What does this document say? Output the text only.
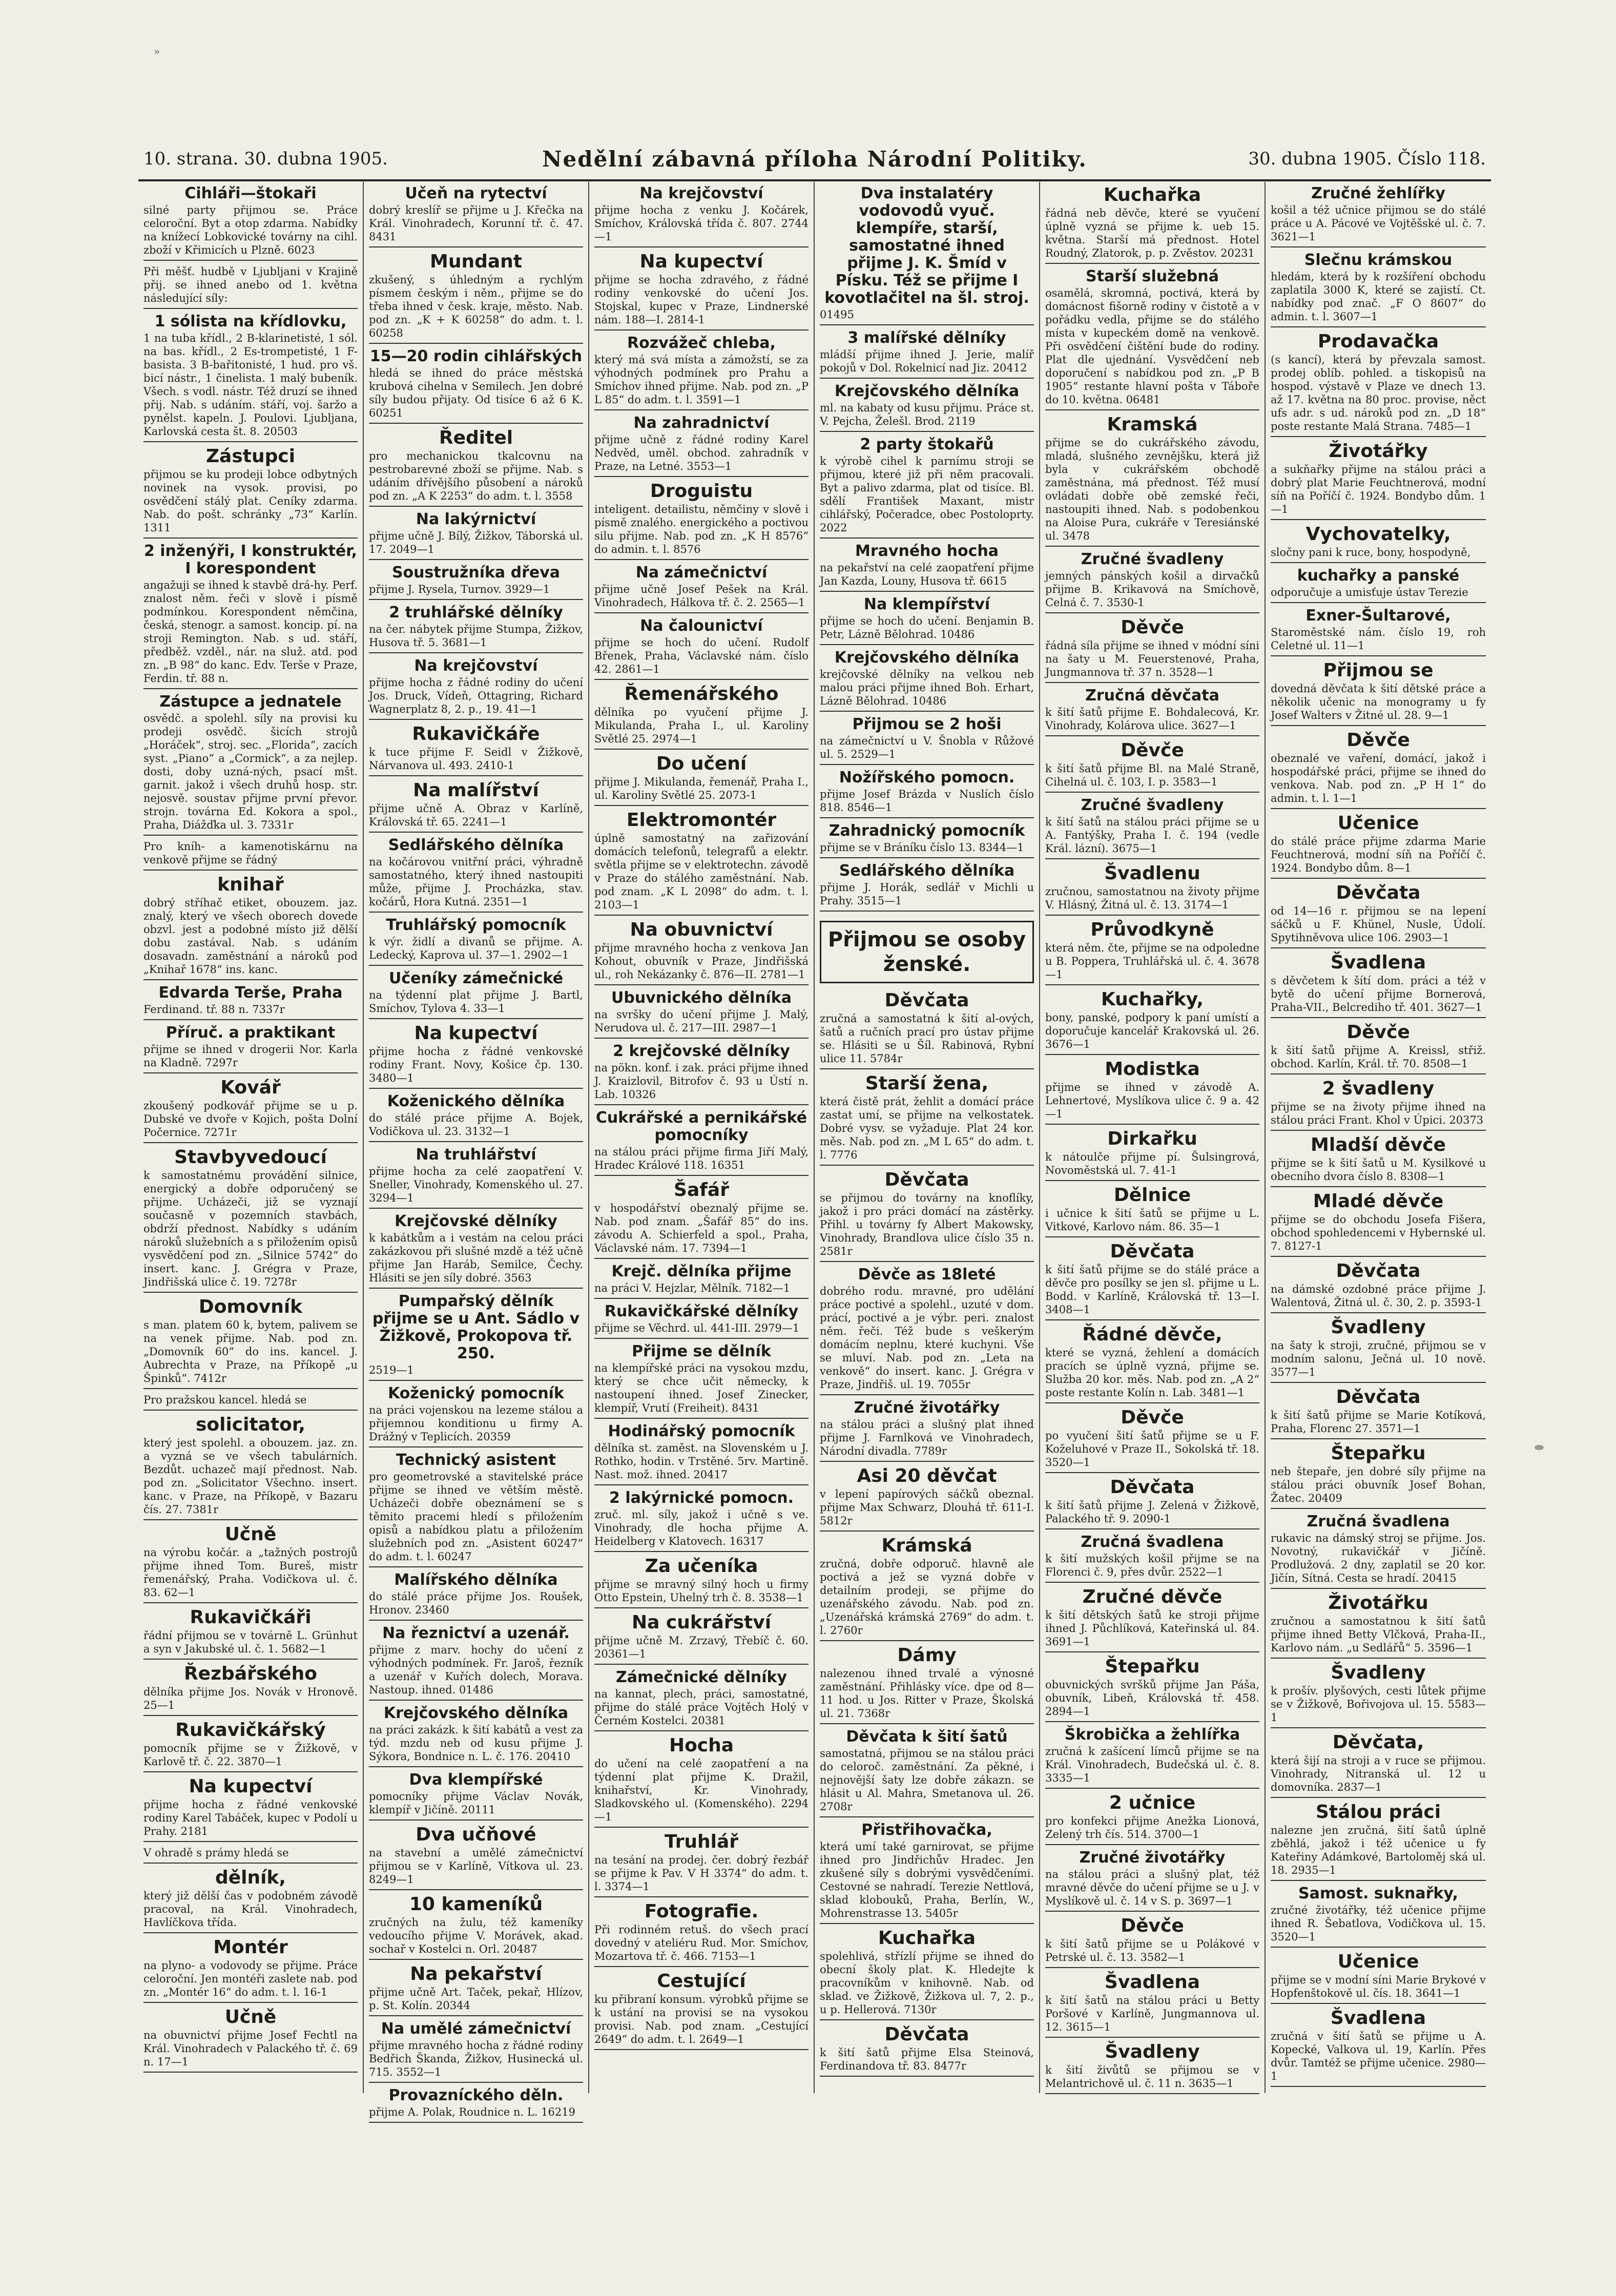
»
10. strana. 30. dubna 1905.	Nedělní zábavná příloha Národní Politiky.	30. dubna 1905. Číslo 118.
Cihláři—štokaři

silné party přijmou se. Práce celoroční. Byt a otop zdarma. Nabídky na knížecí Lobkovické továrny na cihl. zboží v Křimicích u Plzně. 6023

Při měšť. hudbě v Ljubljani v Krajině přij. se ihned anebo od 1. května následující síly:

1 sólista na křídlovku,

1 na tuba křídl., 2 B-klarinetisté, 1 sól. na bas. křídl., 2 Es-trompetisté, 1 F-basista. 3 B-bařitonisté, 1 hud. pro vš. bicí nástr., 1 činelista. 1 malý bubeník. Všech. s vodl. nástr. Též druzí se ihned přij. Nab. s udáním. stáří, voj. šaržo a pynělst. kapeln. J. Poulovi. Ljubljana, Karlovská cesta št. 8. 20503

Zástupci

přijmou se ku prodeji lobce odbytných novinek na vysok. provisi, po osvědčení stálý plat. Ceníky zdarma. Nab. do pošt. schránky „73“ Karlín. 1311

2 inženýři, I konstruktér, I korespondent

angažuji se ihned k stavbě drá-hy. Perf. znalost něm. řeči v slově i písmě podmínkou. Korespondent němčina, česká, stenogr. a samost. koncip. pí. na stroji Remington. Nab. s ud. stáří, předběž. vzděl., nár. na služ. atd. pod zn. „B 98“ do kanc. Edv. Terše v Praze, Ferdin. tř. 88 n.

Zástupce a jednatele

osvědč. a spolehl. síly na provisi ku prodeji osvědč. šicích strojů „Horáček“, stroj. sec. „Florida“, zacích syst. „Piano“ a „Cormick“, a za nejlep. dosti, doby uzná-ných, psací mšt. garnit. jakož i všech druhů hosp. str. nejosvě. soustav přijme první převor. strojn. továrna Ed. Kokora a spol., Praha, Diážďka ul. 3. 7331r

Pro kníh- a kamenotiskárnu na venkově přijme se řádný

knihař

dobrý stříhač etiket, obouzem. jaz. znalý, který ve všech oborech dovede obzvl. jest a podobné místo již dělší dobu zastával. Nab. s udáním dosavadn. zaměstnání a nároků pod „Knihař 1678“ ins. kanc.

Edvarda Terše, Praha

Ferdinand. tř. 88 n. 7337r

Příruč. a praktikant

přijme se ihned v drogerii Nor. Karla na Kladně. 7297r

Kovář

zkoušený podkovář přijme se u p. Dubské ve dvoře v Kojich, pošta Dolní Počernice. 7271r

Stavbyvedoucí

k samostatnému provádění silnice, energický a dobře odporučený se přijme. Ucházeči, již se vyznají současně v pozemních stavbách, obdrží přednost. Nabídky s udáním nároků služebních a s přiložením opisů vysvědčení pod zn. „Silnice 5742“ do insert. kanc. J. Grégra v Praze, Jindřišská ulice č. 19. 7278r

Domovník

s man. platem 60 k, bytem, palivem se na venek přijme. Nab. pod zn. „Domovník 60“ do ins. kancel. J. Aubrechta v Praze, na Příkopě „u Špinků“. 7412r

Pro pražskou kancel. hledá se

solicitator,

který jest spolehl. a obouzem. jaz. zn. a vyzná se ve všech tabulárních. Bezdůt. uchazeč mají přednost. Nab. pod zn. „Solicitator Všechno. insert. kanc. v Praze, na Příkopě, v Bazaru čís. 27. 7381r

Učně

na výrobu kočár. a „tažných postrojů přijme ihned Tom. Bureš, mistr řemenářský, Praha. Vodičkova ul. č. 83. 62—1

Rukavičkáři

řádní přijmou se v továrně L. Grünhut a syn v Jakubské ul. č. 1. 5682—1

Řezbářského

dělníka přijme Jos. Novák v Hronově. 25—1

Rukavičkářský

pomocník přijme se v Žižkově, v Karlově tř. č. 22. 3870—1

Na kupectví

přijme hocha z řádné venkovské rodiny Karel Tabáček, kupec v Podolí u Prahy. 2181

V ohradě s prámy hledá se

dělník,

který již dělší čas v podobném závodě pracoval, na Král. Vinohradech, Havlíčkova třída.

Montér

na plyno- a vodovody se přijme. Práce celoroční. Jen montéři zaslete nab. pod zn. „Montér 16“ do adm. t. l. 16-1

Učně

na obuvnictví přijme Josef Fechtl na Král. Vinohradech v Palackého tř. č. 69 n. 17—1

Učeň na rytectví

dobrý kreslíř se přijme u J. Křečka na Král. Vinohradech, Korunní tř. č. 47. 8431

Mundant

zkušený, s úhledným a rychlým písmem českým i něm., přijme se do třeba ihned v česk. kraje, město. Nab. pod zn. „K + K 60258“ do adm. t. l. 60258

15—20 rodin cihlářských

hledá se ihned do práce městská krubová cihelna v Semilech. Jen dobré síly budou přijaty. Od tisíce 6 až 6 K. 60251

Ředitel

pro mechanickou tkalcovnu na pestrobarevné zboží se přijme. Nab. s udáním dřívějšího působení a nároků pod zn. „A K 2253“ do adm. t. l. 3558

Na lakýrnictví

přijme učně J. Bílý, Žižkov, Táborská ul. 17. 2049—1

Soustružníka dřeva

přijme J. Rysela, Turnov. 3929—1

2 truhlářské dělníky

na čer. nábytek přijme Stumpa, Žižkov, Husova tř. 5. 3681—1

Na krejčovství

přijme hocha z řádné rodiny do učení Jos. Druck, Vídeň, Ottagring, Richard Wagnerplatz 8, 2. p., 19. 41—1

Rukavičkáře

k tuce přijme F. Seidl v Žižkově, Nárvanova ul. 493. 2410-1

Na malířství

přijme učně A. Obraz v Karlíně, Královská tř. 65. 2241—1

Sedlářského dělníka

na kočárovou vnitřní práci, výhradně samostatného, který ihned nastoupiti může, přijme J. Procházka, stav. kočárů, Hora Kutná. 2351—1

Truhlářský pomocník

k výr. židlí a divanů se přijme. A. Ledecký, Kaprova ul. 37—1. 2902—1

Učeníky zámečnické

na týdenní plat přijme J. Bartl, Smíchov, Tylova 4. 33—1

Na kupectví

přijme hocha z řádné venkovské rodiny Frant. Novy, Košice čp. 130. 3480—1

Koženického dělníka

do stálé práce přijme A. Bojek, Vodičkova ul. 23. 3132—1

Na truhlářství

přijme hocha za celé zaopatření V. Sneller, Vinohrady, Komenského ul. 27. 3294—1

Krejčovské dělníky

k kabátkům a i vestám na celou práci zakázkovou při slušné mzdě a též učně přijme Jan Haráb, Semilce, Čechy. Hlásiti se jen síly dobré. 3563

Pumpařský dělník přijme se u Ant. Sádlo v Žižkově, Prokopova tř. 250.

2519—1

Koženický pomocník

na práci vojenskou na lezeme stálou a přijemnou konditionu u firmy A. Drážný v Teplicích. 20359

Technický asistent

pro geometrovské a stavitelské práce přijme se ihned ve větším městě. Ucházeči dobře obeznámení se s těmito pracemi hledí s přiložením opisů a nabídkou platu a přiložením služebních pod zn. „Asistent 60247“ do adm. t. l. 60247

Malířského dělníka

do stálé práce přijme Jos. Roušek, Hronov. 23460

Na řeznictví a uzenář.

přijme z marv. hochy do učení z výhodných podmínek. Fr. Jaroš, řezník a uzenář v Kuřích dolech, Morava. Nastoup. ihned. 01486

Krejčovského dělníka

na práci zakázk. k šití kabátů a vest za týd. mzdu neb od kusu přijme J. Sýkora, Bondnice n. L. č. 176. 20410

Dva klempířské

pomocníky přijme Václav Novák, klempíř v Jičíně. 20111

Dva učňové

na stavební a umělé zámečnictví přijmou se v Karlíně, Vítkova ul. 23. 8249—1

10 kameníků

zručných na žulu, též kameníky vedoucího přijme V. Morávek, akad. sochař v Kostelci n. Orl. 20487

Na pekařství

přijme učně Art. Taček, pekař, Hlízov, p. St. Kolín. 20344

Na umělé zámečnictví

přijme mravného hocha z řádné rodiny Bedřich Škanda, Žižkov, Husinecká ul. 715. 3552—1

Provazníckého děln.

přijme A. Polak, Roudnice n. L. 16219

Na krejčovství

přijme hocha z venku J. Kočárek, Smíchov, Královská třída č. 807. 2744—1

Na kupectví

přijme se hocha zdravého, z řádné rodiny venkovské do učení Jos. Stojskal, kupec v Praze, Lindnerské nám. 188—I. 2814-1

Rozvážeč chleba,

který má svá místa a zámožstí, se za výhodných podmínek pro Prahu a Smíchov ihned přijme. Nab. pod zn. „P L 85“ do adm. t. l. 3591—1

Na zahradnictví

přijme učně z řádné rodiny Karel Nedvěd, uměl. obchod. zahradník v Praze, na Letné. 3553—1

Droguistu

inteligent. detailistu, němčiny v slově i písmě znalého. energického a poctivou silu přijme. Nab. pod zn. „K H 8576“ do admin. t. l. 8576

Na zámečnictví

přijme učně Josef Pešek na Král. Vinohradech, Hálkova tř. č. 2. 2565—1

Na čalounictví

přijme se hoch do učení. Rudolf Břenek, Praha, Václavské nám. číslo 42. 2861—1

Řemenářského

dělníka po vyučení přijme J. Mikulanda, Praha I., ul. Karoliny Světlé 25. 2974—1

Do učení

přijme J. Mikulanda, řemenář, Praha I., ul. Karoliny Světlé 25. 2073-1

Elektromontér

úplně samostatný na zařizování domácích telefonů, telegrafů a elektr. světla přijme se v elektrotechn. závodě v Praze do stálého zaměstnání. Nab. pod znam. „K L 2098“ do adm. t. l. 2103—1

Na obuvnictví

přijme mravného hocha z venkova Jan Kohout, obuvník v Praze, Jindřišská ul., roh Nekázanky č. 876—II. 2781—1

Ubuvnického dělníka

na svršky do učení přijme J. Malý, Nerudova ul. č. 217—III. 2987—1

2 krejčovské dělníky

na pökn. konf. i zak. práci přijme ihned J. Kraizlovil, Bitrofov č. 93 u Ústí n. Lab. 10326

Cukrářské a pernikářské pomocníky

na stálou práci přijme firma Jiří Malý, Hradec Králové 118. 16351

Šafář

v hospodářství obeznalý přijme se. Nab. pod znam. „Šafář 85“ do ins. závodu A. Schierfeld a spol., Praha, Václavské nám. 17. 7394—1

Krejč. dělníka přijme

na práci V. Hejzlar, Mělník. 7182—1

Rukavičkářské dělníky

přijme se Věchrd. ul. 441-III. 2979—1

Přijme se dělník

na klempířské práci na vysokou mzdu, který se chce učit německy, k nastoupení ihned. Josef Zinecker, klempíř, Vrutí (Freiheit). 8431

Hodinářský pomocník

dělníka st. zaměst. na Slovenském u J. Rothko, hodin. v Trstěné. 5rv. Martině. Nast. mož. ihned. 20417

2 lakýrnické pomocn.

zruč. ml. síly, jakož i učně s ve. Vinohrady, dle hocha přijme A. Heidelberg v Klatovech. 16317

Za učeníka

přijme se mravný silný hoch u firmy Otto Epstein, Uhelný trh č. 8. 3538—1

Na cukrářství

přijme učně M. Zrzavý, Třebíč č. 60. 20361—1

Zámečnické dělníky

na kannat, plech, práci, samostatné, přijme do stálé práce Vojtěch Holý v Černém Kostelci. 20381

Hocha

do učení na celé zaopatření a na týdenní plat přijme K. Dražil, knihařství, Kr. Vinohrady, Sladkovského ul. (Komenského). 2294—1

Truhlář

na tesání na prodej. čer. dobrý řezbář se přijme k Pav. V H 3374“ do adm. t. l. 3374—1

Fotografie.

Při rodinném retuš. do všech prací dovedný v ateliéru Rud. Mor. Smíchov, Mozartova tř. č. 466. 7153—1

Cestující

ku přibraní konsum. výrobků přijme se k ustání na provisi se na vysokou provisi. Nab. pod znam. „Cestující 2649“ do adm. t. l. 2649—1

Dva instalatéry vodovodů vyuč. klempíře, starší, samostatné ihned přijme J. K. Šmíd v Písku. Též se přijme I kovotlačitel na šl. stroj.

01495

3 malířské dělníky

mládší přijme ihned J. Jerie, malíř pokojů v Dol. Rokelnicí nad Jiz. 20412

Krejčovského dělníka

ml. na kabaty od kusu přijmu. Práce st. V. Pejcha, Želešl. Brod. 2119

2 party štokařů

k výrobě cihel k parnímu stroji se přijmou, které již při něm pracovali. Byt a palivo zdarma, plat od tisíce. Bl. sdělí František Maxant, mistr cihlářský, Počeradce, obec Postoloprty. 2022

Mravného hocha

na pekařství na celé zaopatření přijme Jan Kazda, Louny, Husova tř. 6615

Na klempířství

přijme se hoch do učení. Benjamin B. Petr, Lázně Bělohrad. 10486

Krejčovského dělníka

krejčovské dělníky na velkou neb malou práci přijme ihned Boh. Erhart, Lázně Bělohrad. 10486

Přijmou se 2 hoši

na zámečnictví u V. Šnobla v Růžové ul. 5. 2529—1

Nožířského pomocn.

přijme Josef Brázda v Nuslích číslo 818. 8546—1

Zahradnický pomocník

přijme se v Bráníku číslo 13. 8344—1

Sedlářského dělníka

přijme J. Horák, sedlář v Michli u Prahy. 3515—1

Přijmou se osoby ženské.
Děvčata

zručná a samostatná k šití al-ových, šatů a ručních prací pro ústav přijme se. Hlásiti se u Šíl. Rabinová, Rybní ulice 11. 5784r

Starší žena,

která čistě prát, žehlit a domácí práce zastat umí, se přijme na velkostatek. Dobré vysv. se vyžaduje. Plat 24 kor. měs. Nab. pod zn. „M L 65“ do adm. t. l. 7776

Děvčata

se přijmou do továrny na knoflíky, jakož i pro práci domácí na zástěrky. Přihl. u továrny fy Albert Makowsky, Vinohrady, Brandlova ulice číslo 35 n. 2581r

Děvče as 18leté

dobrého rodu. mravné, pro udělání práce poctivé a spolehl., uzuté v dom. prácí, poctivé a je výbr. peri. znalost něm. řeči. Též bude s veškerým domácím neplnu, které kuchyni. Vše se mluví. Nab. pod zn. „Leta na venkově“ do insert. kanc. J. Grégra v Praze, Jindřiš. ul. 19. 7055r

Zručné životářky

na stálou práci a slušný plat ihned přijme J. Farnlková ve Vinohradech, Národní divadla. 7789r

Asi 20 děvčat

v lepení papírových sáčků obeznal. přijme Max Schwarz, Dlouhá tř. 611-I. 5812r

Krámská

zručná, dobře odporuč. hlavně ale poctivá a jež se vyzná dobře v detailním prodeji, se přijme do uzenářského závodu. Nab. pod zn. „Uzenářská krámská 2769“ do adm. t. l. 2760r

Dámy

nalezenou ihned trvalé a výnosné zaměstnání. Přihlásky více. dpe od 8—11 hod. u Jos. Ritter v Praze, Školská ul. 21. 7368r

Děvčata k šití šatů

samostatná, přijmou se na stálou práci do celoroč. zaměstnání. Za pěkné, i nejnovější šaty lze dobře zákazn. se hlásit u Al. Mahra, Smetanova ul. 26. 2708r

Přistřihovačka,

která umí také garnirovat, se přijme ihned pro Jindřichův Hradec. Jen zkušené síly s dobrými vysvědčeními. Cestovné se nahradí. Terezie Nettlová, sklad klobouků, Praha, Berlín, W., Mohrenstrasse 13. 5405r

Kuchařka

spolehlivá, střízlí přijme se ihned do obecní školy plat. K. Hledejte k pracovníkům v knihovně. Nab. od sklad. ve Žižkově, Žižkova ul. 7, 2. p., u p. Hellerová. 7130r

Děvčata

k šití šatů přijme Elsa Steinová, Ferdinandova tř. 83. 8477r

Kuchařka

řádná neb děvče, které se vyučení úplně vyzná se přijme k. ueb 15. května. Starší má přednost. Hotel Roudný, Zlatorok, p. p. Zvěstov. 20231

Starší služebná

osamělá, skromná, poctivá, která by domácnost fišorně rodiny v čistotě a v pořádku vedla, přijme se do stálého místa v kupeckém domě na venkově. Při osvědčení čištění bude do rodiny. Plat dle ujednání. Vysvědčení neb doporučení s nabídkou pod zn. „P B 1905“ restante hlavní pošta v Táboře do 10. května. 06481

Kramská

přijme se do cukrářského závodu, mladá, slušného zevnějšku, která již byla v cukrářském obchodě zaměstnána, má přednost. Též musí ovládati dobře obě zemské řeči, nastoupiti ihned. Nab. s podobenkou na Aloise Pura, cukráře v Teresiánské ul. 3478

Zručné švadleny

jemných pánských košil a dirvačků přijme B. Krikavová na Smíchově, Celná č. 7. 3530-1

Děvče

řádná síla přijme se ihned v módní síni na šaty u M. Feuerstenové, Praha, Jungmannova tř. 37 n. 3528—1

Zručná děvčata

k šití šatů přijme E. Bohdalecová, Kr. Vinohrady, Kolárova ulice. 3627—1

Děvče

k šití šatů přijme Bl. na Malé Straně, Cihelná ul. č. 103, I. p. 3583—1

Zručné švadleny

k šití šatů na stálou práci přijme se u A. Fantýšky, Praha I. č. 194 (vedle Král. lázní). 3675—1

Švadlenu

zručnou, samostatnou na životy přijme V. Hlásný, Žitná ul. č. 13. 3174—1

Průvodkyně

která něm. čte, přijme se na odpoledne u B. Poppera, Truhlářská ul. č. 4. 3678—1

Kuchařky,

bony, panské, podpory k paní umístí a doporučuje kancelář Krakovská ul. 26. 3676—1

Modistka

přijme se ihned v závodě A. Lehnertové, Myslíkova ulice č. 9 a. 42—1

Dirkařku

k nátoulče přijme pí. Šulsingrová, Novoměstská ul. 7. 41-1

Dělnice

i učnice k šití šatů se přijme u L. Vitkové, Karlovo nám. 86. 35—1

Děvčata

k šití šatů přijme se do stálé práce a děvče pro posílky se jen sl. přijme u L. Bodd. v Karlíně, Královská tř. 13—I. 3408—1

Řádné děvče,

které se vyzná, žehlení a domácích pracích se úplně vyzná, přijme se. Služba 20 kor. měs. Nab. pod zn. „A 2“ poste restante Kolín n. Lab. 3481—1

Děvče

po vyučení šití šatů přijme se u F. Koželuhové v Praze II., Sokolská tř. 18. 3520—1

Děvčata

k šití šatů přijme J. Zelená v Žižkově, Palackého tř. 9. 2090-1

Zručná švadlena

k šití mužských košil přijme se na Florenci č. 9, přes dvůr. 2522—1

Zručné děvče

k šití dětských šatů ke stroji přijme ihned J. Půchlíková, Kateřinská ul. 84. 3691—1

Štepařku

obuvnických svršků přijme Jan Páša, obuvník, Libeň, Královská tř. 458. 2894—1

Škrobička a žehlířka

zručná k zašícení límců přijme se na Král. Vinohradech, Budečská ul. č. 8. 3335—1

2 učnice

pro konfekci přijme Anežka Lionová, Zelený trh čís. 514. 3700—1

Zručné životářky

na stálou práci a slušný plat, též mravné děvče do učení přijme se u J. v Myslíkově ul. č. 14 v S. p. 3697—1

Děvče

k šití šatů přijme se u Polákové v Petrské ul. č. 13. 3582—1

Švadlena

k šití šatů na stálou práci u Betty Poršové v Karlíně, Jungmannova ul. 12. 3615—1

Švadleny

k šití živůtů se přijmou se v Melantrichově ul. č. 11 n. 3635—1

Zručné žehlířky

košil a též učnice přijmou se do stálé práce u A. Pácové ve Vojtěšské ul. č. 7. 3621—1

Slečnu krámskou

hledám, která by k rozšíření obchodu zaplatila 3000 K, které se zajistí. Ct. nabídky pod znač. „F O 8607“ do admin. t. l. 3607—1

Prodavačka

(s kancí), která by převzala samost. prodej oblíb. pohled. a tiskopisů na hospod. výstavě v Plaze ve dnech 13. až 17. května na 80 proc. provise, něct ufs adr. s ud. nároků pod zn. „D 18“ poste restante Malá Strana. 7485—1

Životářky

a sukňařky přijme na stálou práci a dobrý plat Marie Feuchtnerová, modní síň na Poříčí č. 1924. Bondybo dům. 1—1

Vychovatelky,

sločny pani k ruce, bony, hospodyně,

kuchařky a panské

odporučuje a umisťuje ústav Terezie

Exner-Šultarové,

Staroměstské nám. číslo 19, roh Celetné ul. 11—1

Přijmou se

dovedná děvčata k šití dětské práce a několik učenic na monogramy u fy Josef Walters v Žitné ul. 28. 9—1

Děvče

obeznalé ve vaření, domácí, jakož i hospodářské práci, přijme se ihned do venkova. Nab. pod zn. „P H 1“ do admin. t. l. 1—1

Učenice

do stálé práce přijme zdarma Marie Feuchtnerová, modní síň na Poříčí č. 1924. Bondybo dům. 8—1

Děvčata

od 14—16 r. přijmou se na lepení sáčků u F. Khünel, Nusle, Údolí. Spytihněvova ulice 106. 2903—1

Švadlena

s děvčetem k šítí dom. práci a též v bytě do učení přijme Bornerová, Praha-VII., Belcrediho tř. 401. 3627—1

Děvče

k šití šatů přijme A. Kreissl, střiž. obchod. Karlín, Král. tř. 70. 8508—1

2 švadleny

přijme se na životy přijme ihned na stálou práci Frant. Khol v Úpici. 20373

Mladší děvče

přijme se k šití šatů u M. Kysilkové u obecního dvora číslo 8. 8308—1

Mladé děvče

přijme se do obchodu Josefa Fišera, obchod spohledencemi v Hybernské ul. 7. 8127-1

Děvčata

na dámské ozdobné práce přijme J. Walentová, Žitná ul. č. 30, 2. p. 3593-1

Švadleny

na šaty k stroji, zručné, přijmou se v modním salonu, Ječná ul. 10 nově. 3577—1

Děvčata

k šití šatů přijme se Marie Kotíková, Praha, Florenc 27. 3571—1

Štepařku

neb štepaře, jen dobré síly přijme na stálou práci obuvník Josef Bohan, Žatec. 20409

Zručná švadlena

rukavic na dámský stroj se přijme. Jos. Novotný, rukavičkář v Jičíně. Prodlužová. 2 dny, zaplatil se 20 kor. Jičín, Sítná. Cesta se hradí. 20415

Životářku

zručnou a samostatnou k šití šatů přijme ihned Betty Vlčková, Praha-II., Karlovo nám. „u Sedlářů“ 5. 3596—1

Švadleny

k prošív. plyšových, cesti lůtek přijme se v Žižkově, Bořivojova ul. 15. 5583—1

Děvčata,

která šijí na stroji a v ruce se přijmou. Vinohrady, Nitranská ul. 12 u domovníka. 2837—1

Stálou práci

nalezne jen zručná, šití šatů úplně zběhlá, jakož i též učenice u fy Kateřiny Adámkové, Bartoloměj ská ul. 18. 2935—1

Samost. suknařky,

zručné životářky, též učenice přijme ihned R. Šebatlova, Vodičkova ul. 15. 3520—1

Učenice

přijme se v modní síni Marie Brykové v Hopfenštokově ul. čís. 18. 3641—1

Švadlena

zručná v šití šatů se přijme u A. Kopecké, Valkova ul. 19, Karlín. Přes dvůr. Tamtéž se přijme učenice. 2980—1
